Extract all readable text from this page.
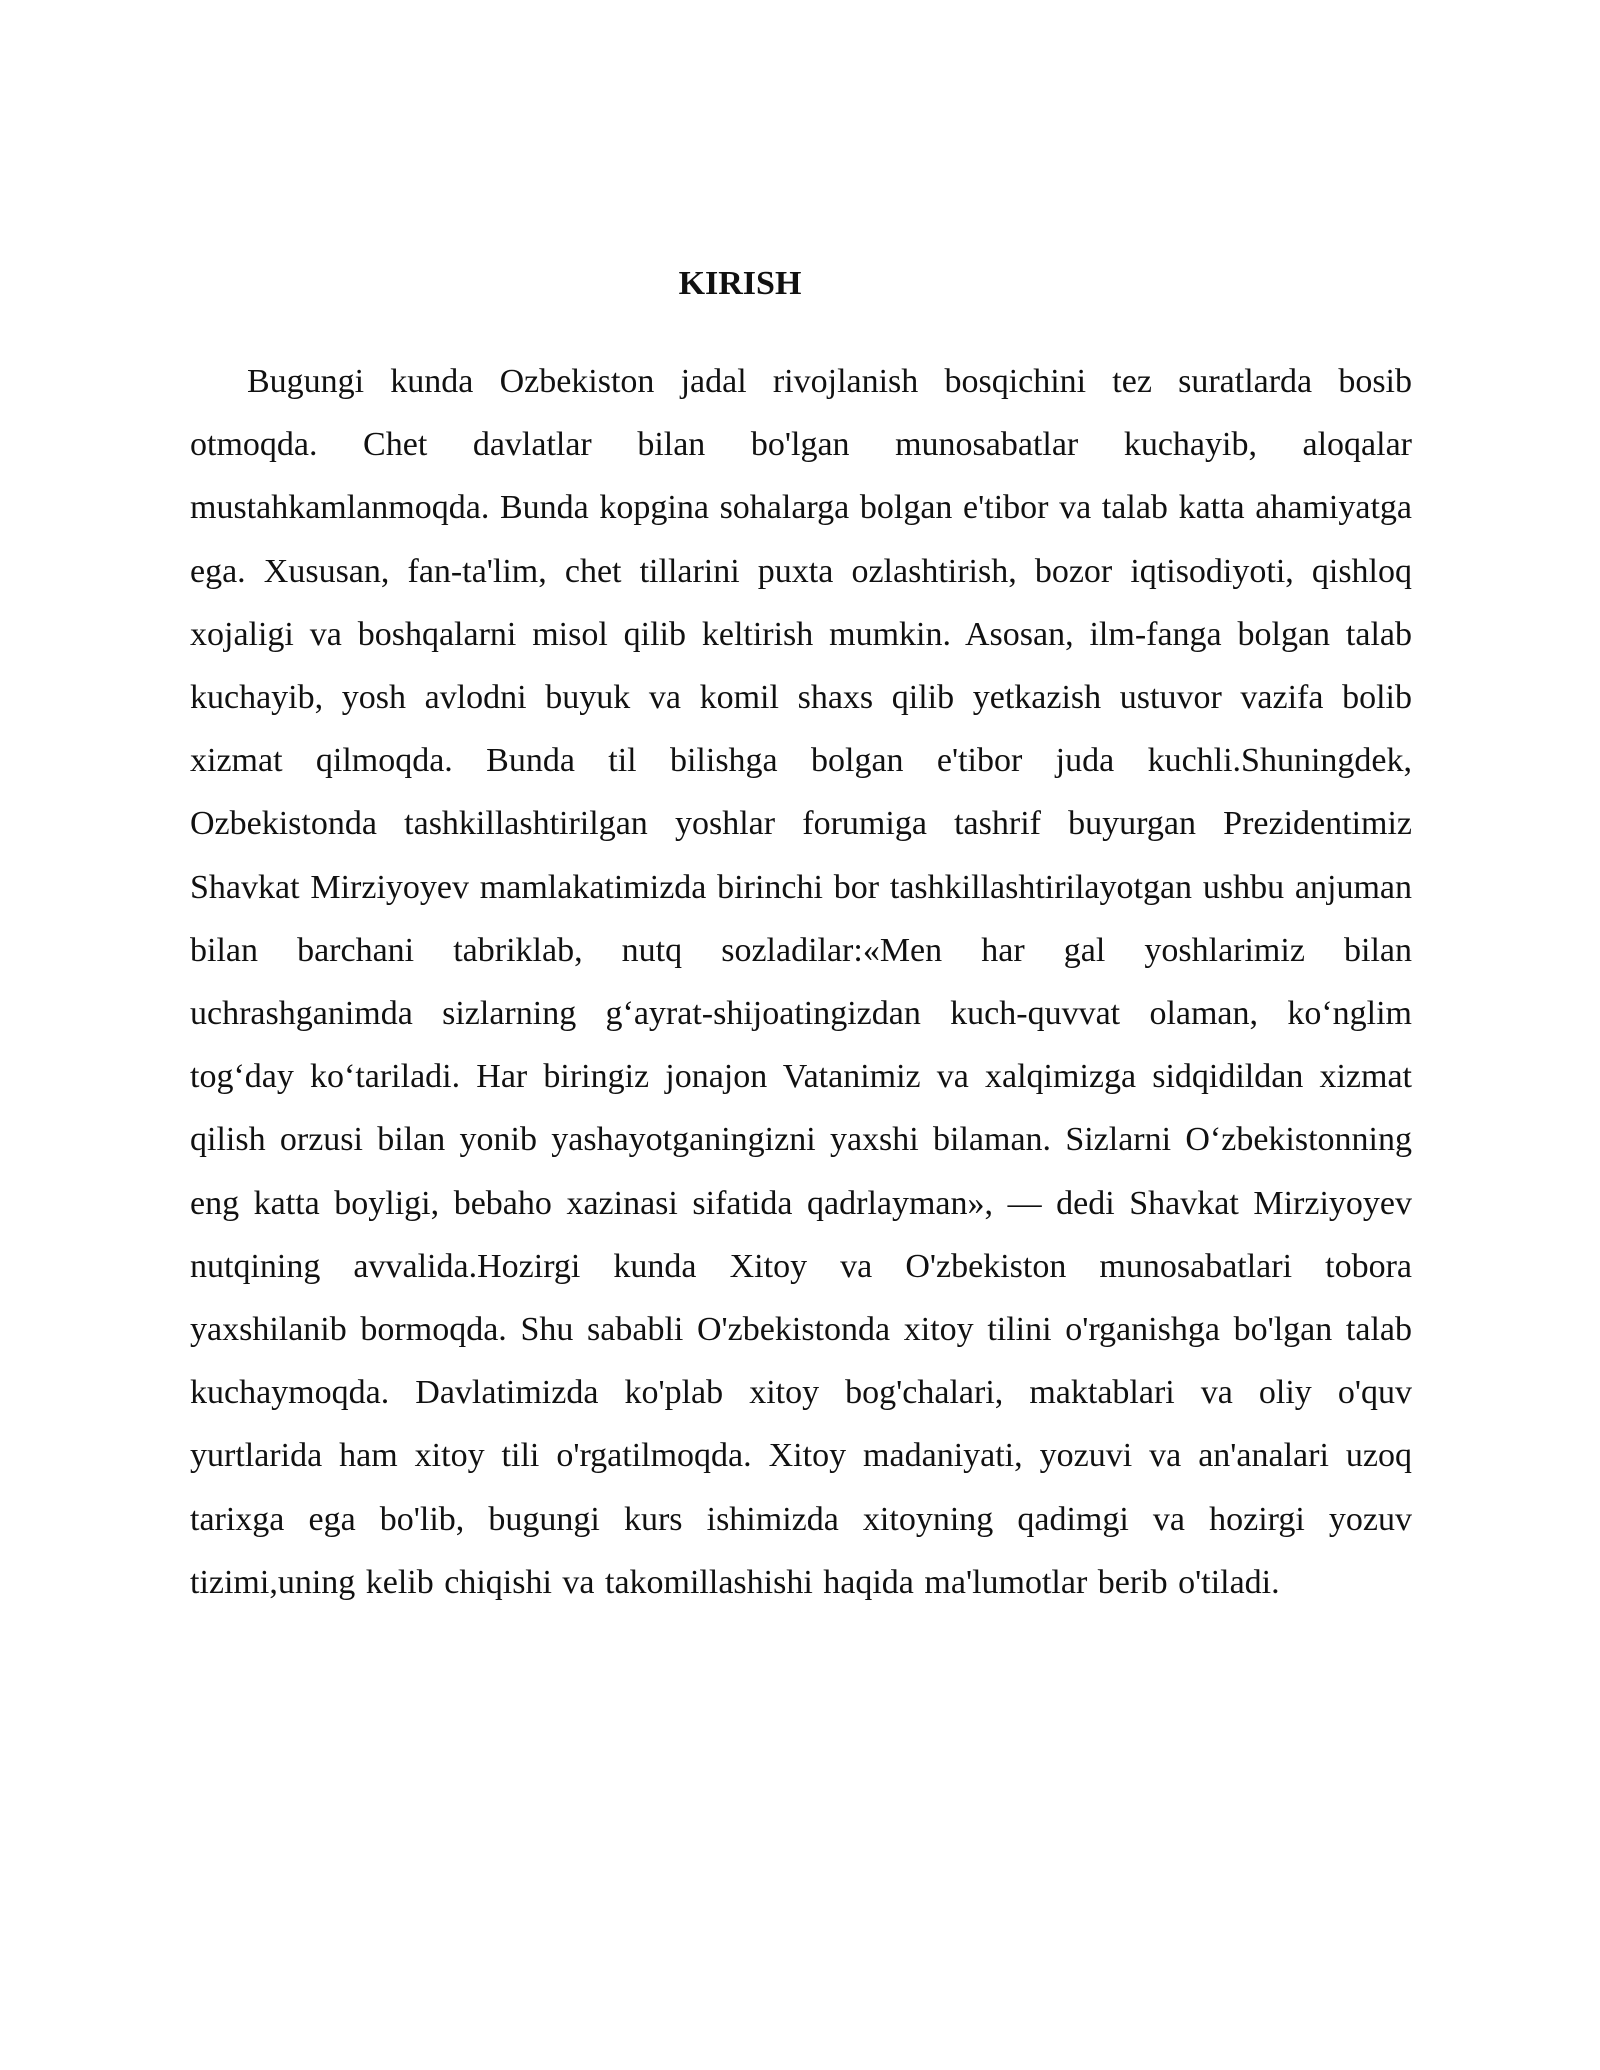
KIRISH

Bugungi kunda Ozbekiston jadal rivojlanish bosqichini tez suratlarda bosib otmoqda. Chet davlatlar bilan bo'lgan munosabatlar kuchayib, aloqalar mustahkamlanmoqda. Bunda kopgina sohalarga bolgan e'tibor va talab katta ahamiyatga ega. Xususan, fan-ta'lim, chet tillarini puxta ozlashtirish, bozor iqtisodiyoti, qishloq xojaligi va boshqalarni misol qilib keltirish mumkin. Asosan, ilm-fanga bolgan talab kuchayib, yosh avlodni buyuk va komil shaxs qilib yetkazish ustuvor vazifa bolib xizmat qilmoqda. Bunda til bilishga bolgan e'tibor juda kuchli.Shuningdek, Ozbekistonda tashkillashtirilgan yoshlar forumiga tashrif buyurgan Prezidentimiz Shavkat Mirziyoyev mamlakatimizda birinchi bor tashkillashtirilayotgan ushbu anjuman bilan barchani tabriklab, nutq sozladilar:«Men har gal yoshlarimiz bilan uchrashganimda sizlarning gʻayrat-shijoatingizdan kuch-quvvat olaman, koʻnglim togʻday koʻtariladi. Har biringiz jonajon Vatanimiz va xalqimizga sidqidildan xizmat qilish orzusi bilan yonib yashayotganingizni yaxshi bilaman. Sizlarni Oʻzbekistonning eng katta boyligi, bebaho xazinasi sifatida qadrlayman», — dedi Shavkat Mirziyoyev nutqining avvalida.Hozirgi kunda Xitoy va O'zbekiston munosabatlari tobora yaxshilanib bormoqda. Shu sababli O'zbekistonda xitoy tilini o'rganishga bo'lgan talab kuchaymoqda. Davlatimizda ko'plab xitoy bog'chalari, maktablari va oliy o'quv yurtlarida ham xitoy tili o'rgatilmoqda. Xitoy madaniyati, yozuvi va an'analari uzoq tarixga ega bo'lib, bugungi kurs ishimizda xitoyning qadimgi va hozirgi yozuv tizimi,uning kelib chiqishi va takomillashishi haqida ma'lumotlar berib o'tiladi.
